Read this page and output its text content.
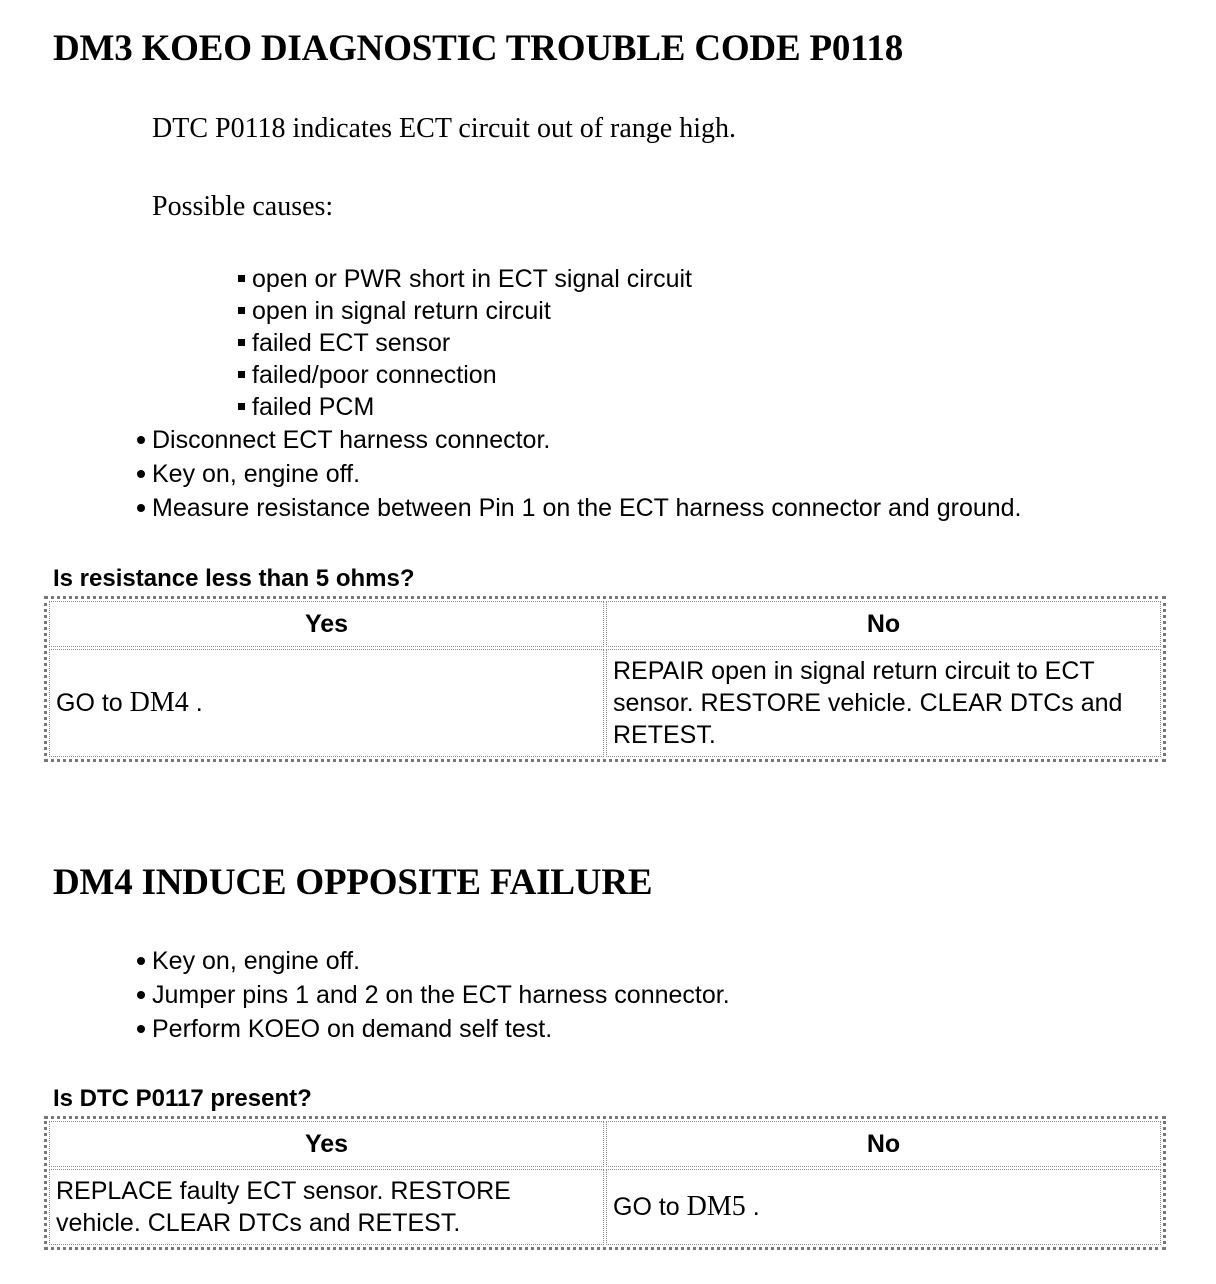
DM3 KOEO DIAGNOSTIC TROUBLE CODE P0118

DTC P0118 indicates ECT circuit out of range high.

Possible causes:

open or PWR short in ECT signal circuit
open in signal return circuit
failed ECT sensor
failed/poor connection
failed PCM
Disconnect ECT harness connector.
Key on, engine off.
Measure resistance between Pin 1 on the ECT harness connector and ground.

Is resistance less than 5 ohms?

Yes	No
GO to DM4 .	REPAIR open in signal return circuit to ECT sensor. RESTORE vehicle. CLEAR DTCs and RETEST.
DM4 INDUCE OPPOSITE FAILURE
Key on, engine off.
Jumper pins 1 and 2 on the ECT harness connector.
Perform KOEO on demand self test.

Is DTC P0117 present?

Yes	No
REPLACE faulty ECT sensor. RESTORE vehicle. CLEAR DTCs and RETEST.	GO to DM5 .
